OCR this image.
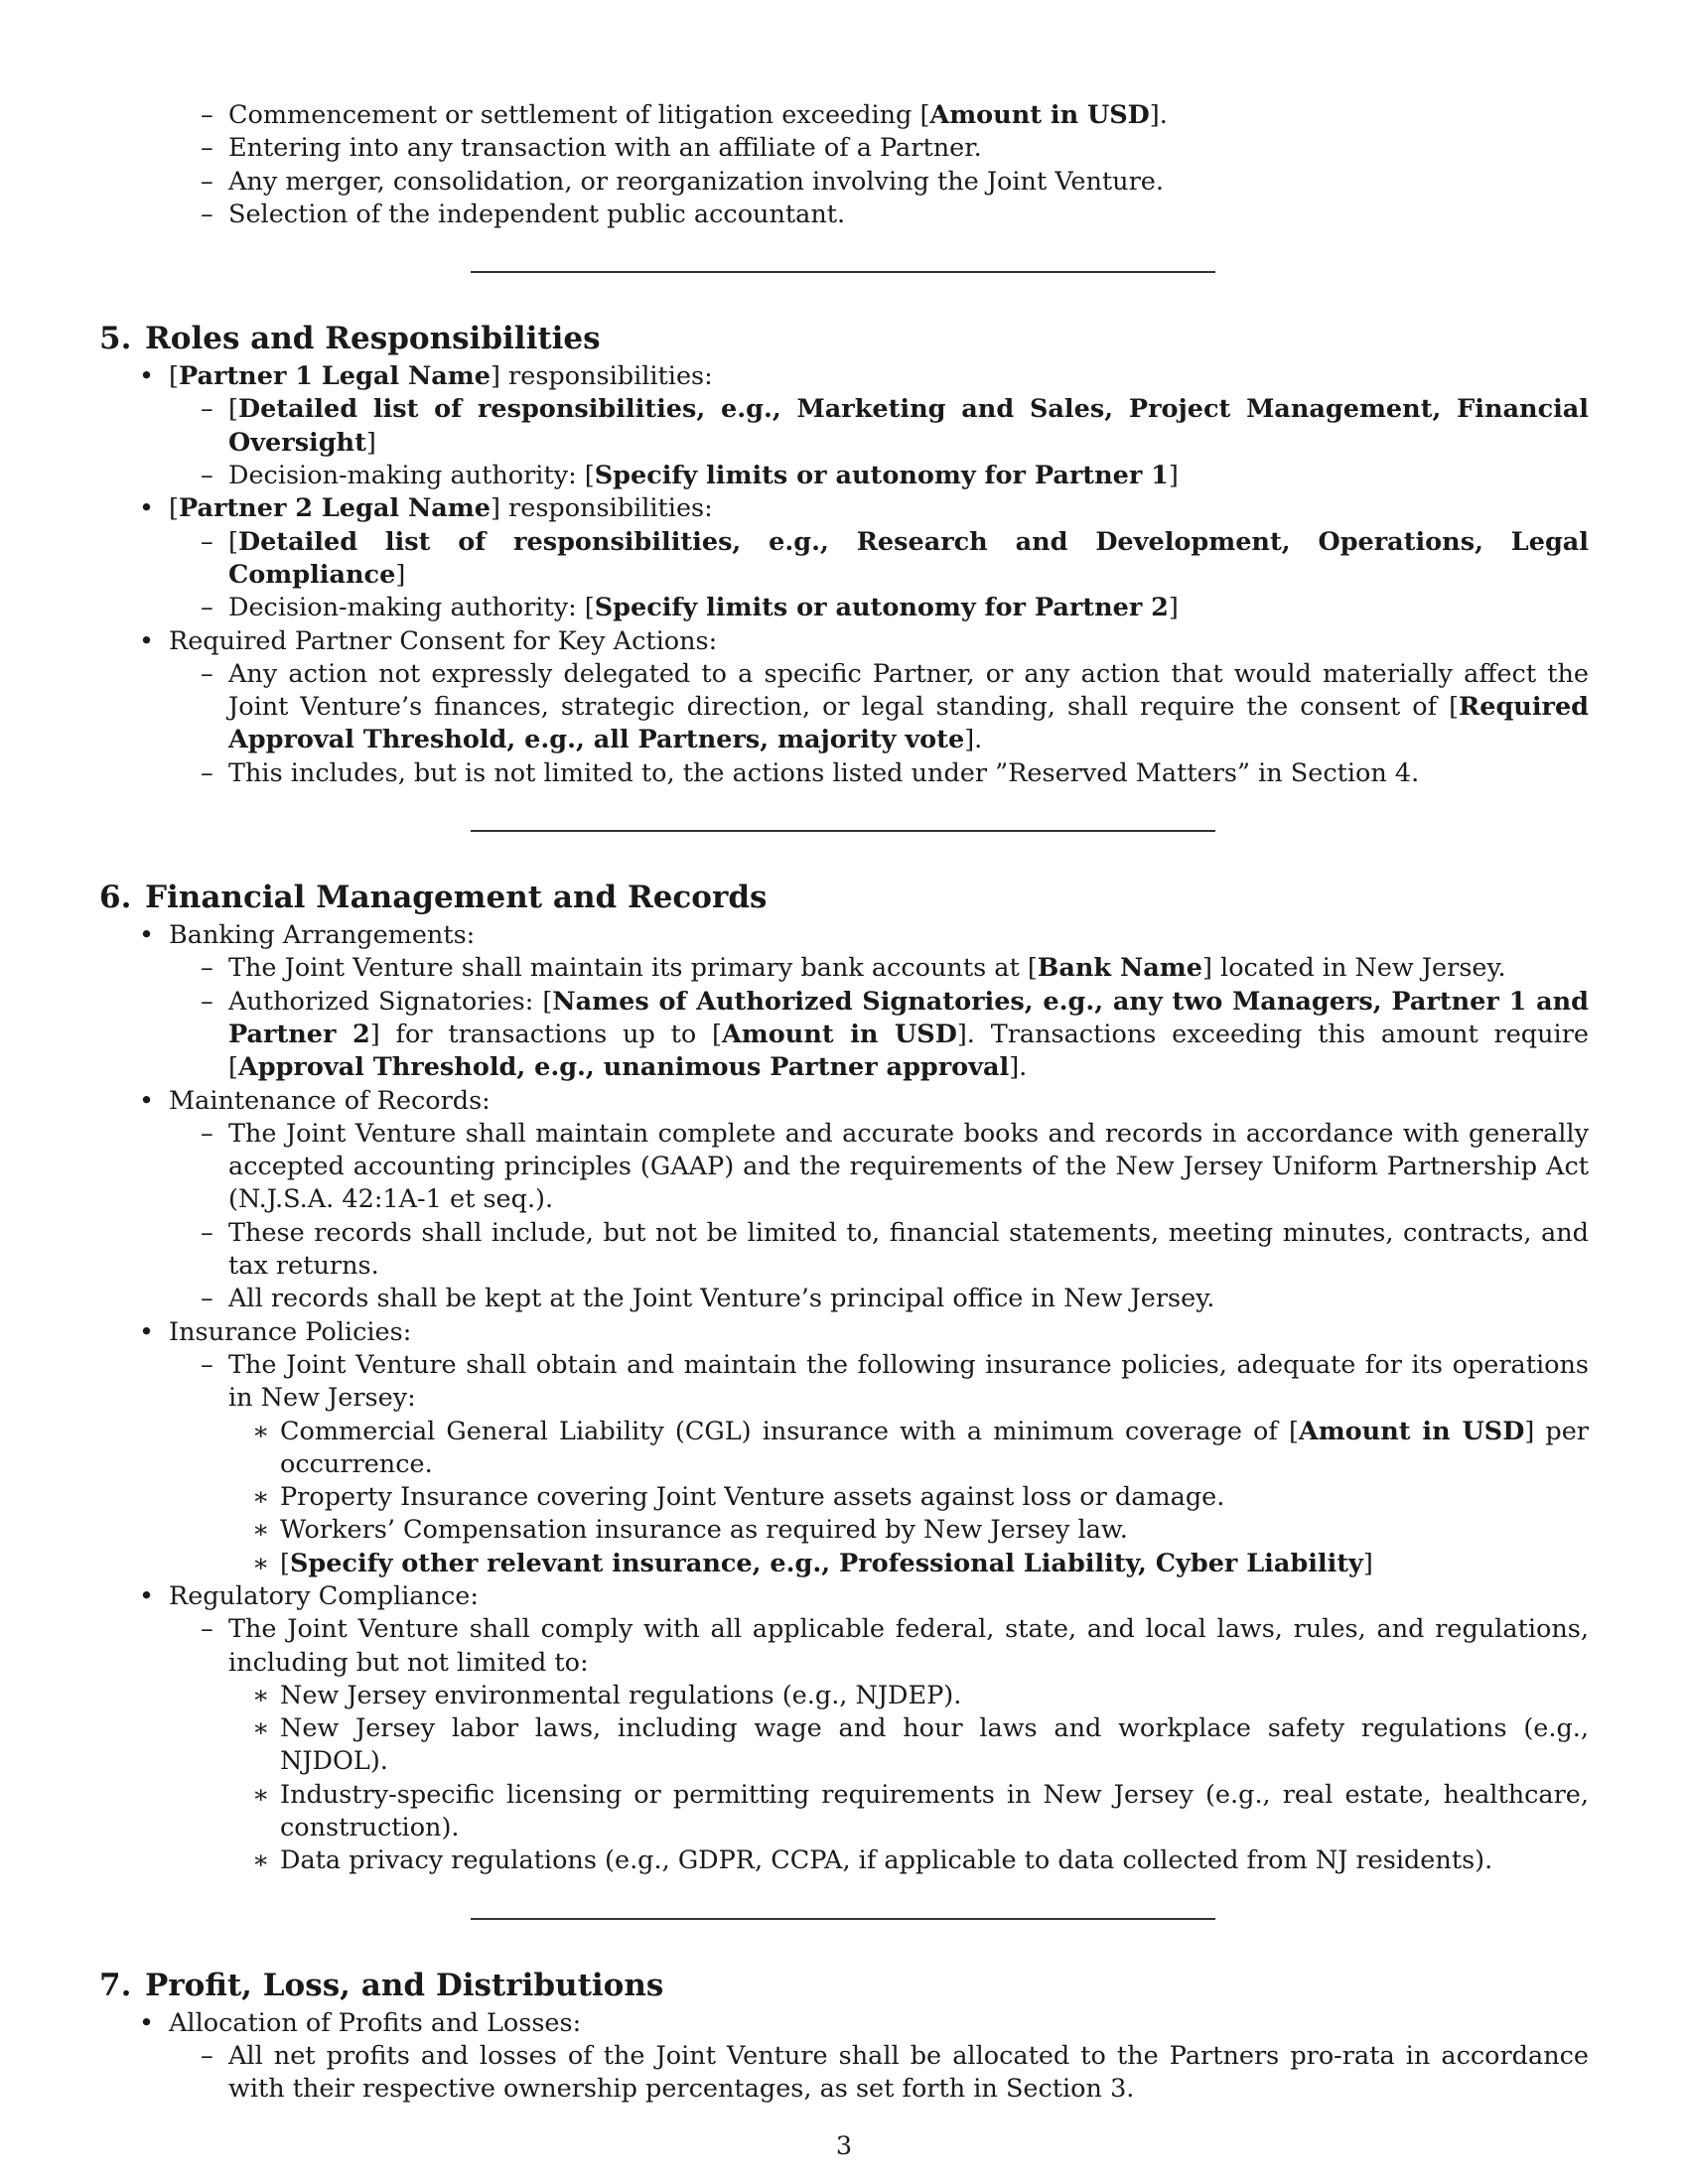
– Commencement or settlement of litigation exceeding [Amount in USD].

– Entering into any transaction with an affiliate of a Partner.

– Any merger, consolidation, or reorganization involving the Joint Venture.

– Selection of the independent public accountant.

5. Roles and Responsibilities

• [Partner 1 Legal Name] responsibilities:

– [Detailed list of responsibilities, e.g., Marketing and Sales, Project Management, Financial Oversight]

– Decision-making authority: [Specify limits or autonomy for Partner 1]

• [Partner 2 Legal Name] responsibilities:

– [Detailed list of responsibilities, e.g., Research and Development, Operations, Legal Compliance]

– Decision-making authority: [Specify limits or autonomy for Partner 2]

• Required Partner Consent for Key Actions:

– Any action not expressly delegated to a specific Partner, or any action that would materially affect the Joint Venture’s finances, strategic direction, or legal standing, shall require the consent of [Required Approval Threshold, e.g., all Partners, majority vote].

– This includes, but is not limited to, the actions listed under ”Reserved Matters” in Section 4.

6. Financial Management and Records

• Banking Arrangements:

– The Joint Venture shall maintain its primary bank accounts at [Bank Name] located in New Jersey.

– Authorized Signatories: [Names of Authorized Signatories, e.g., any two Managers, Partner 1 and Partner 2] for transactions up to [Amount in USD]. Transactions exceeding this amount require [Approval Threshold, e.g., unanimous Partner approval].

• Maintenance of Records:

– The Joint Venture shall maintain complete and accurate books and records in accordance with generally accepted accounting principles (GAAP) and the requirements of the New Jersey Uniform Partnership Act (N.J.S.A. 42:1A-1 et seq.).

– These records shall include, but not be limited to, financial statements, meeting minutes, contracts, and tax returns.

– All records shall be kept at the Joint Venture’s principal office in New Jersey.

• Insurance Policies:

– The Joint Venture shall obtain and maintain the following insurance policies, adequate for its operations in New Jersey:

∗ Commercial General Liability (CGL) insurance with a minimum coverage of [Amount in USD] per occurrence.

∗ Property Insurance covering Joint Venture assets against loss or damage.

∗ Workers’ Compensation insurance as required by New Jersey law.

∗ [Specify other relevant insurance, e.g., Professional Liability, Cyber Liability]

• Regulatory Compliance:

– The Joint Venture shall comply with all applicable federal, state, and local laws, rules, and regulations, including but not limited to:

∗ New Jersey environmental regulations (e.g., NJDEP).

∗ New Jersey labor laws, including wage and hour laws and workplace safety regulations (e.g., NJDOL).

∗ Industry-specific licensing or permitting requirements in New Jersey (e.g., real estate, healthcare, construction).

∗ Data privacy regulations (e.g., GDPR, CCPA, if applicable to data collected from NJ residents).

7. Profit, Loss, and Distributions

• Allocation of Profits and Losses:

– All net profits and losses of the Joint Venture shall be allocated to the Partners pro-rata in accordance with their respective ownership percentages, as set forth in Section 3.

3
